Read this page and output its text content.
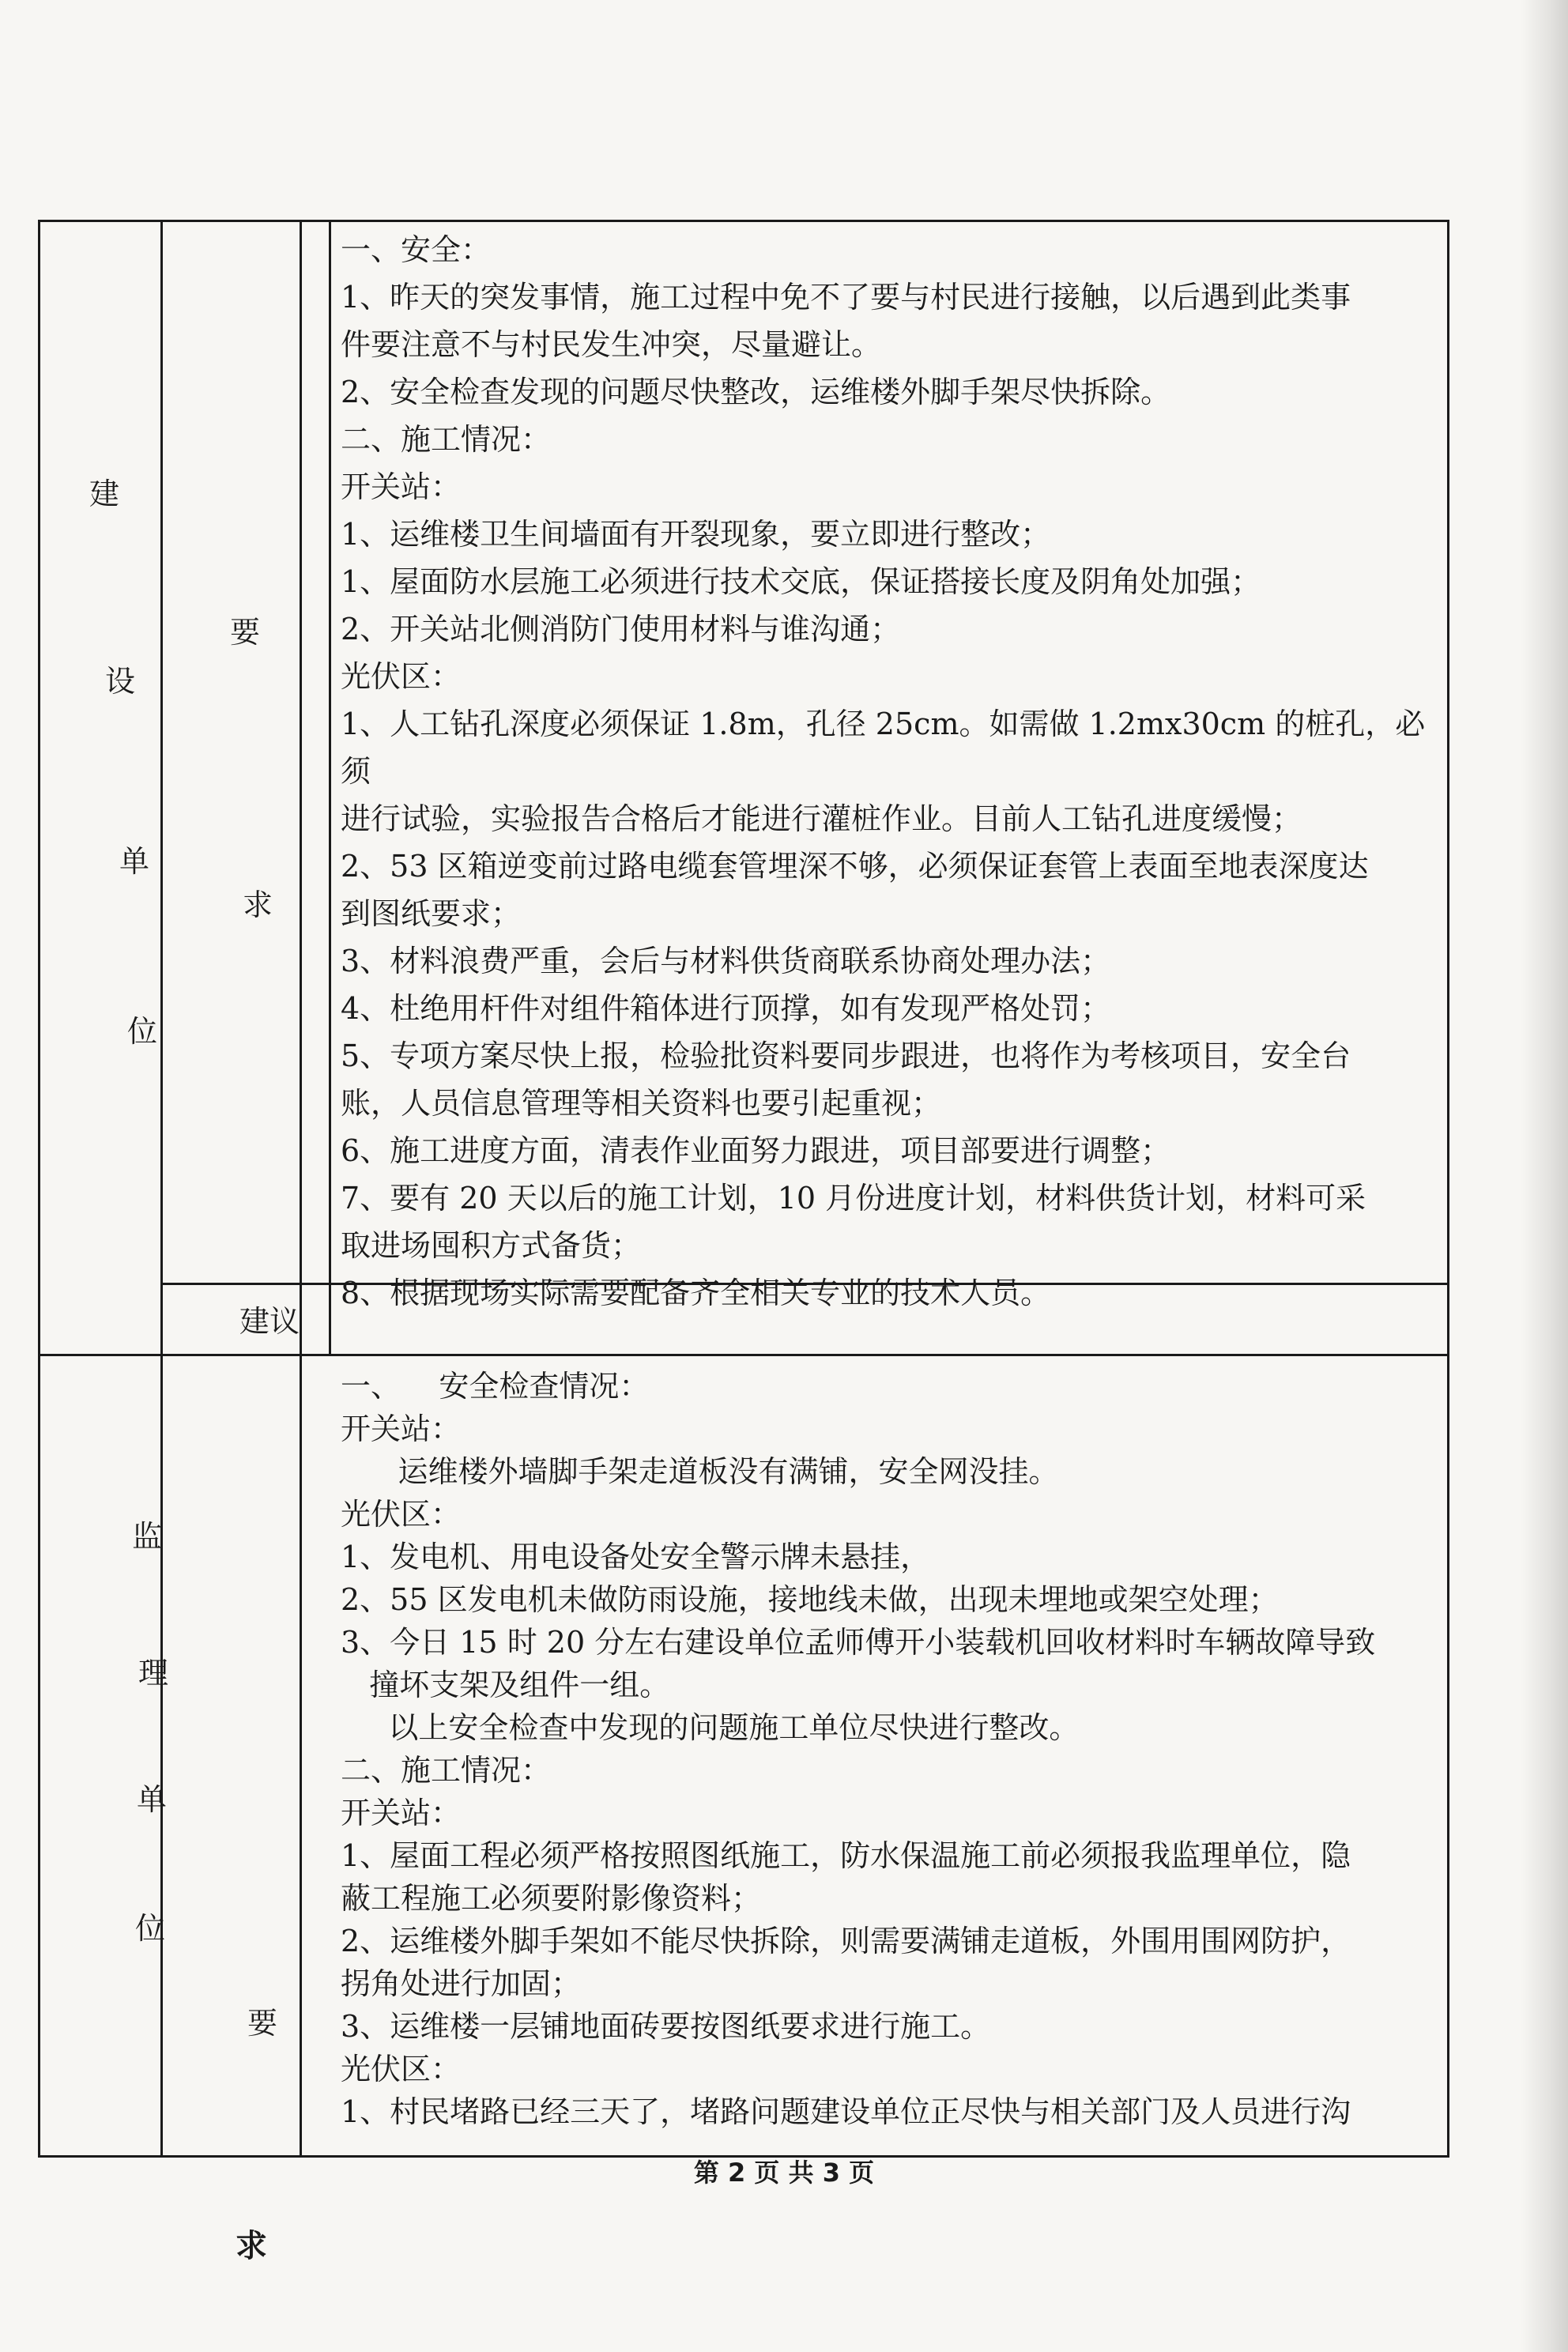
建
设
单
位
监
理
单
位
要
求
建议
要
一、安全：
1、昨天的突发事情，施工过程中免不了要与村民进行接触，以后遇到此类事
件要注意不与村民发生冲突，尽量避让。
2、安全检查发现的问题尽快整改，运维楼外脚手架尽快拆除。
二、施工情况：
开关站：
1、运维楼卫生间墙面有开裂现象，要立即进行整改；
1、屋面防水层施工必须进行技术交底，保证搭接长度及阴角处加强；
2、开关站北侧消防门使用材料与谁沟通；
光伏区：
1、人工钻孔深度必须保证 1.8m，孔径 25cm。如需做 1.2mx30cm 的桩孔，必须
进行试验，实验报告合格后才能进行灌桩作业。目前人工钻孔进度缓慢；
2、53 区箱逆变前过路电缆套管埋深不够，必须保证套管上表面至地表深度达
到图纸要求；
3、材料浪费严重，会后与材料供货商联系协商处理办法；
4、杜绝用杆件对组件箱体进行顶撑，如有发现严格处罚；
5、专项方案尽快上报，检验批资料要同步跟进，也将作为考核项目，安全台
账，人员信息管理等相关资料也要引起重视；
6、施工进度方面，清表作业面努力跟进，项目部要进行调整；
7、要有 20 天以后的施工计划，10 月份进度计划，材料供货计划，材料可采
取进场囤积方式备货；
8、根据现场实际需要配备齐全相关专业的技术人员。
一、    安全检查情况：
开关站：
运维楼外墙脚手架走道板没有满铺，安全网没挂。
光伏区：
1、发电机、用电设备处安全警示牌未悬挂，
2、55 区发电机未做防雨设施，接地线未做，出现未埋地或架空处理；
3、今日 15 时 20 分左右建设单位孟师傅开小装载机回收材料时车辆故障导致
撞坏支架及组件一组。
以上安全检查中发现的问题施工单位尽快进行整改。
二、施工情况：
开关站：
1、屋面工程必须严格按照图纸施工，防水保温施工前必须报我监理单位，隐
蔽工程施工必须要附影像资料；
2、运维楼外脚手架如不能尽快拆除，则需要满铺走道板，外围用围网防护，
拐角处进行加固；
3、运维楼一层铺地面砖要按图纸要求进行施工。
光伏区：
1、村民堵路已经三天了，堵路问题建设单位正尽快与相关部门及人员进行沟
第 2 页 共 3 页
求
